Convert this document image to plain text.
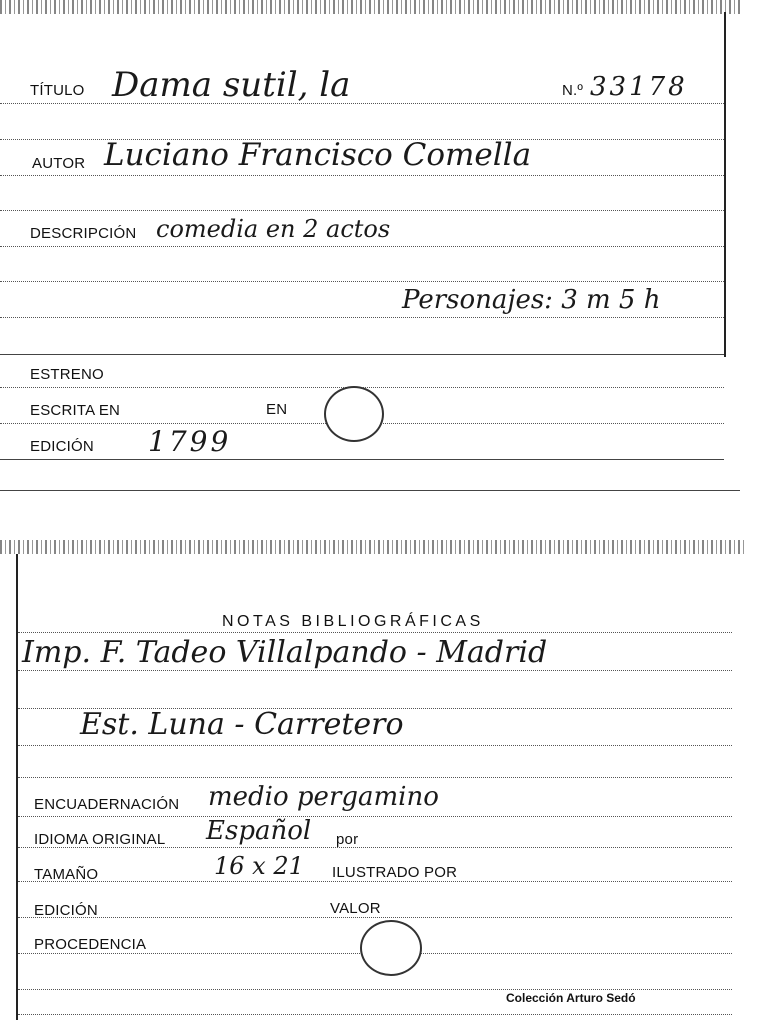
TÍTULO Dama sutil, la	N.º 33178
AUTOR Luciano Francisco Comella
DESCRIPCIÓN comedia en 2 actos
Personajes: 3 m 5 h
ESTRENO
ESCRITA EN	EN
EDICIÓN 1799
NOTAS BIBLIOGRÁFICAS
Imp. F. Tadeo Villalpando - Madrid
Est. Luna - Carretero
ENCUADERNACIÓN medio pergamino
IDIOMA ORIGINAL Español por
TAMAÑO	16 x 21 ILUSTRADO POR
EDICIÓN	VALOR
PROCEDENCIA
Colección Arturo Sedó
